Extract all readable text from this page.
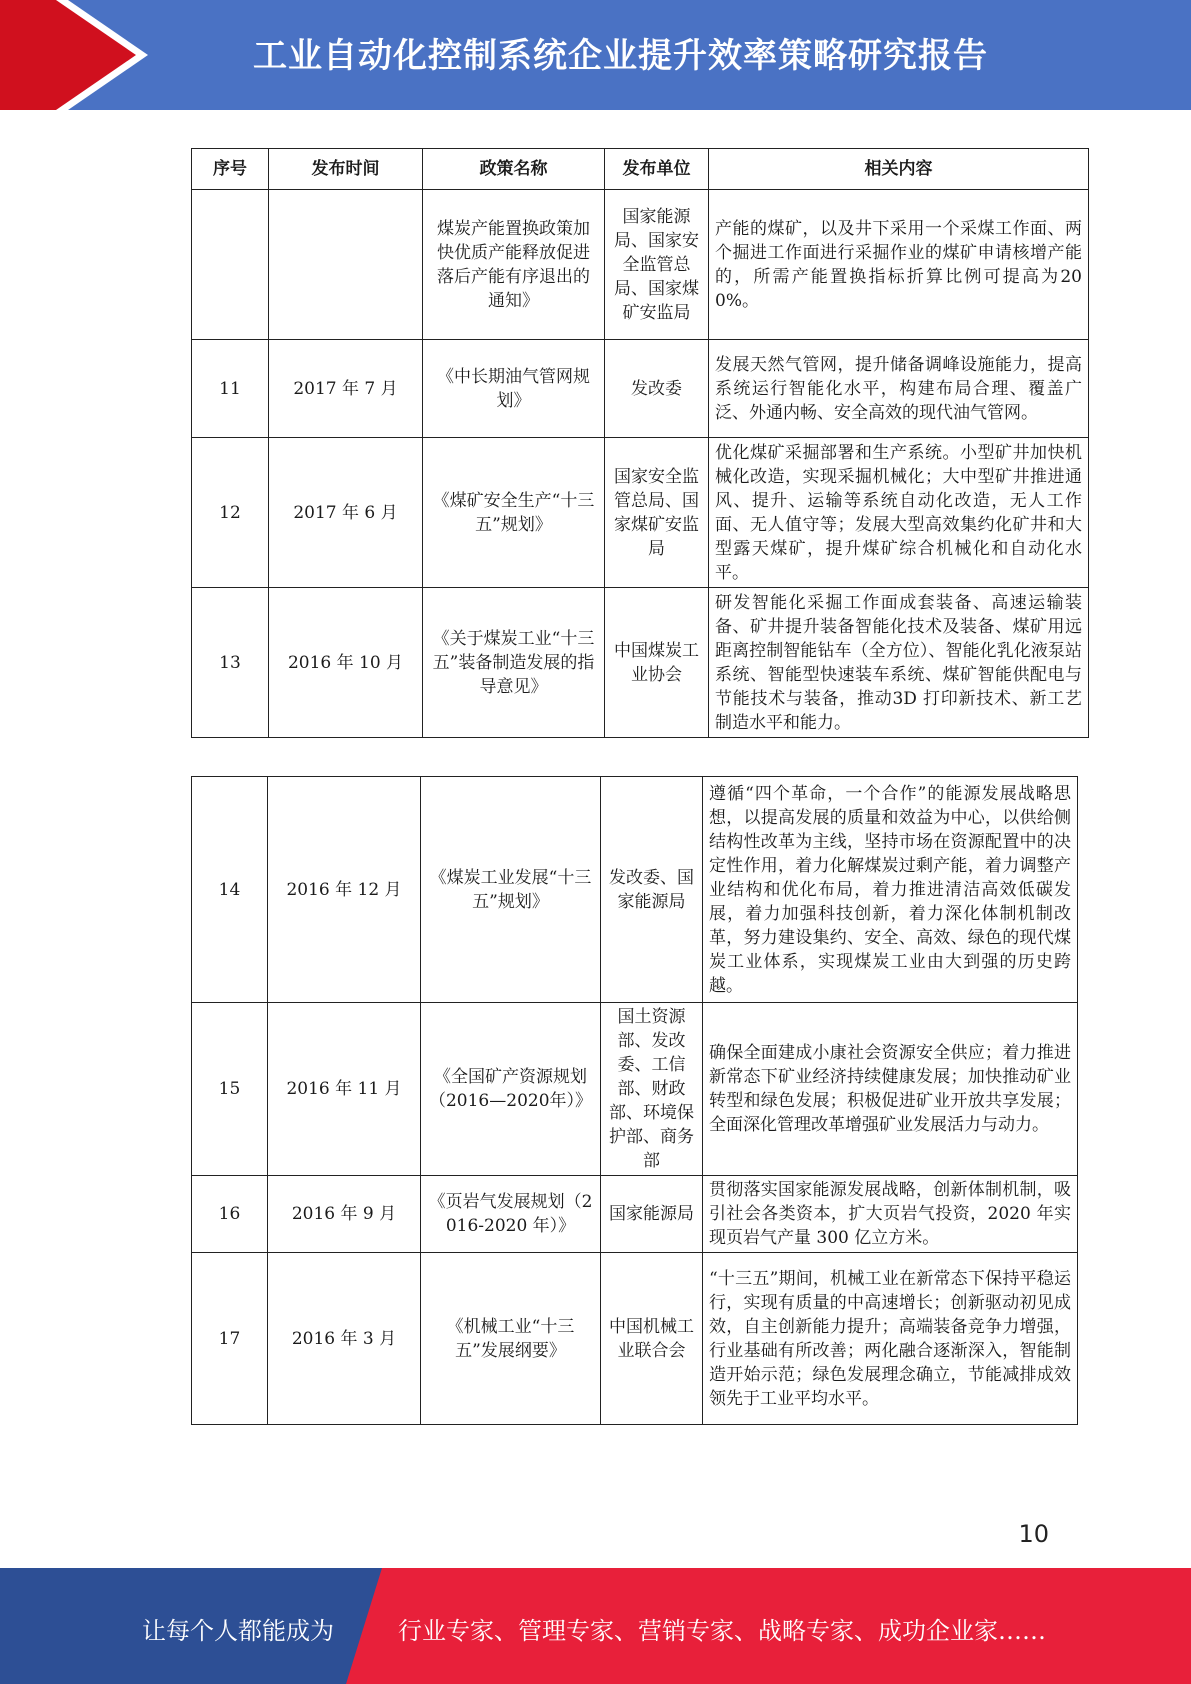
工业自动化控制系统企业提升效率策略研究报告
序号	发布时间	政策名称	发布单位	相关内容
		煤炭产能置换政策加快优质产能释放促进落后产能有序退出的通知》	国家能源局、国家安全监管总局、国家煤矿安监局	产能的煤矿，以及井下采用一个采煤工作面、两个掘进工作面进行采掘作业的煤矿申请核增产能的，所需产能置换指标折算比例可提高为200%。
11	2017 年 7 月	《中长期油气管网规划》	发改委	发展天然气管网，提升储备调峰设施能力，提高系统运行智能化水平，构建布局合理、覆盖广泛、外通内畅、安全高效的现代油气管网。
12	2017 年 6 月	《煤矿安全生产“十三五”规划》	国家安全监管总局、国家煤矿安监局	优化煤矿采掘部署和生产系统。小型矿井加快机械化改造，实现采掘机械化；大中型矿井推进通风、提升、运输等系统自动化改造，无人工作面、无人值守等；发展大型高效集约化矿井和大型露天煤矿，提升煤矿综合机械化和自动化水平。
13	2016 年 10 月	《关于煤炭工业“十三五”装备制造发展的指导意见》	中国煤炭工业协会	研发智能化采掘工作面成套装备、高速运输装备、矿井提升装备智能化技术及装备、煤矿用远距离控制智能钻车（全方位）、智能化乳化液泵站系统、智能型快速装车系统、煤矿智能供配电与节能技术与装备，推动3D 打印新技术、新工艺制造水平和能力。
14	2016 年 12 月	《煤炭工业发展“十三五”规划》	发改委、国家能源局	遵循“四个革命，一个合作”的能源发展战略思想，以提高发展的质量和效益为中心，以供给侧结构性改革为主线，坚持市场在资源配置中的决定性作用，着力化解煤炭过剩产能，着力调整产业结构和优化布局，着力推进清洁高效低碳发展，着力加强科技创新，着力深化体制机制改革，努力建设集约、安全、高效、绿色的现代煤炭工业体系，实现煤炭工业由大到强的历史跨越。
15	2016 年 11 月	《全国矿产资源规划（2016—2020年）》	国土资源部、发改委、工信部、财政部、环境保护部、商务部	确保全面建成小康社会资源安全供应；着力推进新常态下矿业经济持续健康发展；加快推动矿业转型和绿色发展；积极促进矿业开放共享发展；全面深化管理改革增强矿业发展活力与动力。
16	2016 年 9 月	《页岩气发展规划（2016-2020 年）》	国家能源局	贯彻落实国家能源发展战略，创新体制机制，吸引社会各类资本，扩大页岩气投资，2020 年实现页岩气产量 300 亿立方米。
17	2016 年 3 月	《机械工业“十三五”发展纲要》	中国机械工业联合会	“十三五”期间，机械工业在新常态下保持平稳运行，实现有质量的中高速增长；创新驱动初见成效，自主创新能力提升；高端装备竞争力增强，行业基础有所改善；两化融合逐渐深入，智能制造开始示范；绿色发展理念确立，节能减排成效领先于工业平均水平。
10
让每个人都能成为	行业专家、管理专家、营销专家、战略专家、成功企业家……
